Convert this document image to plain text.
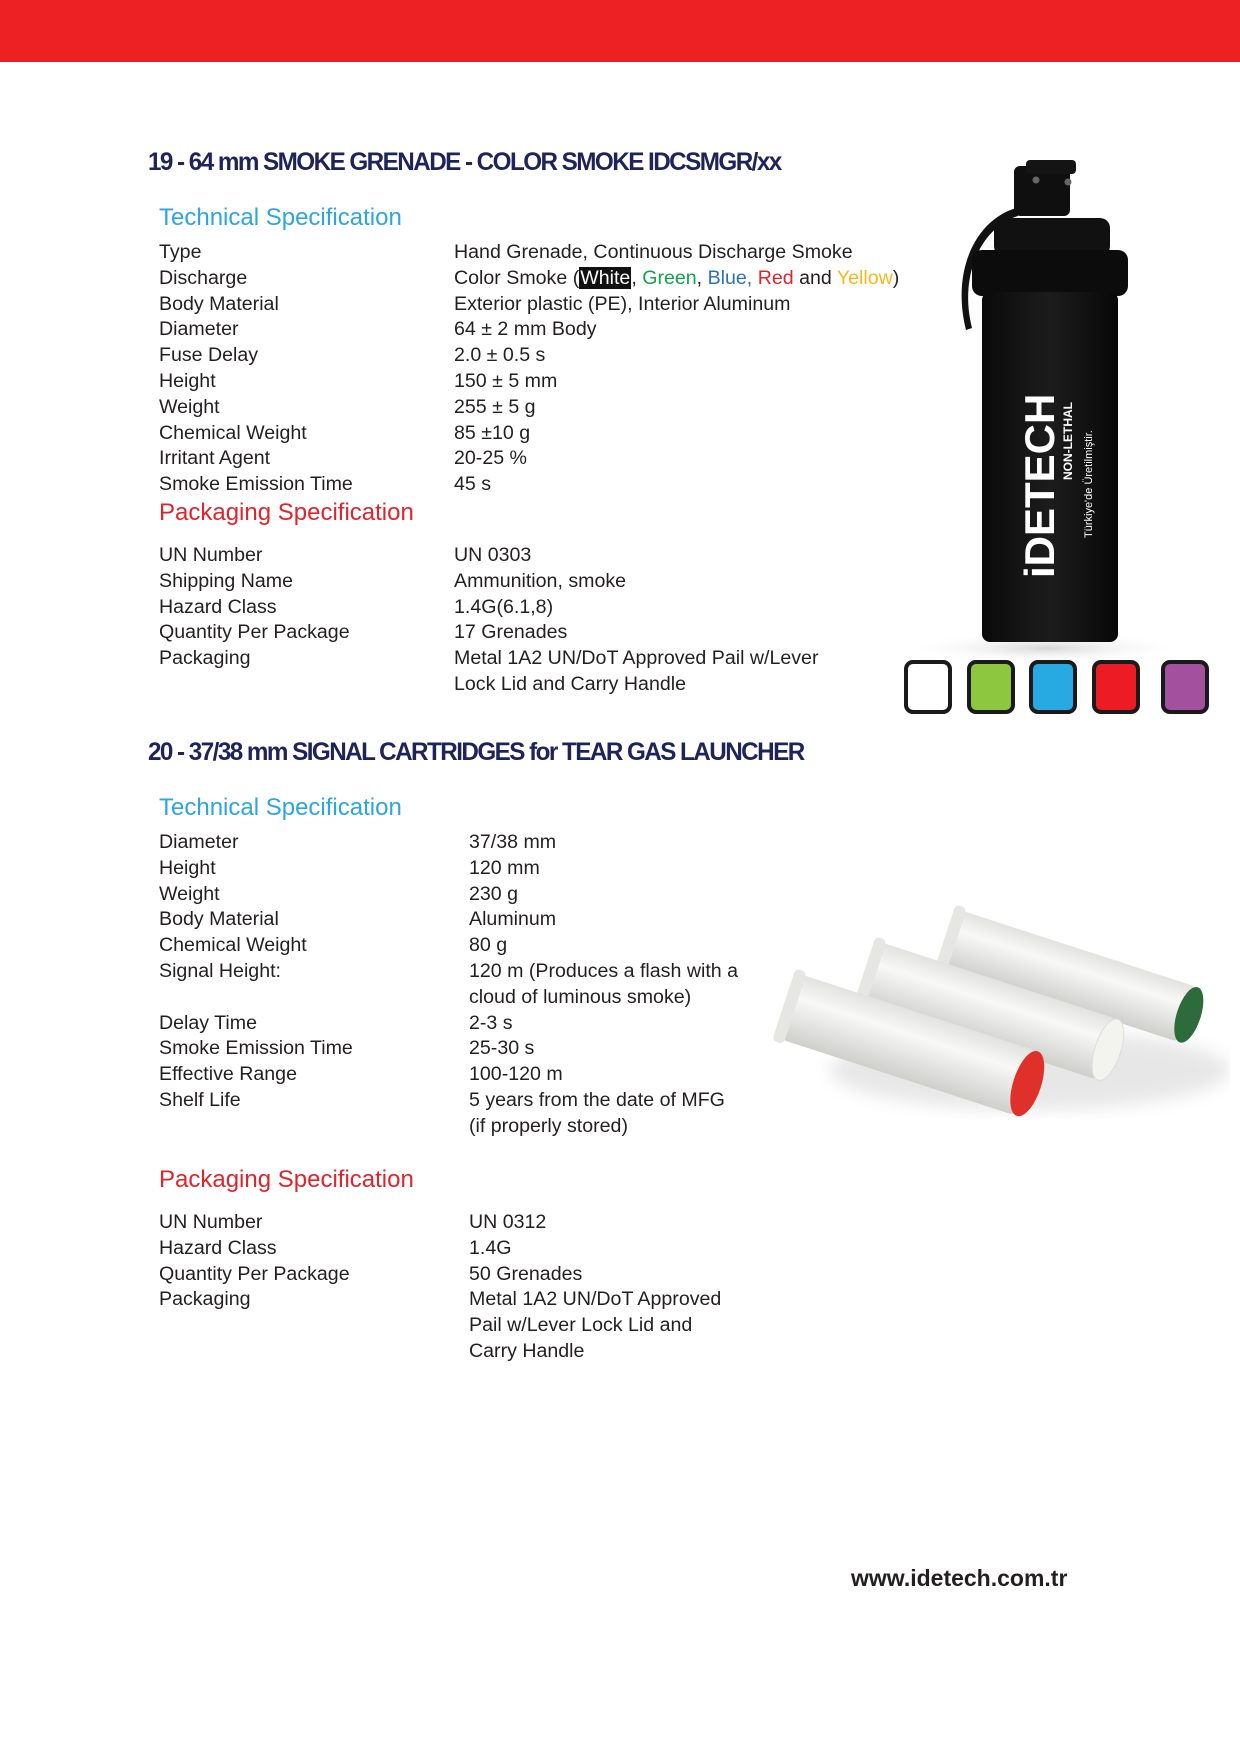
19 - 64 mm SMOKE GRENADE - COLOR SMOKE IDCSMGR/xx
Technical Specification
Type	Hand Grenade, Continuous Discharge Smoke
Discharge	Color Smoke (White, Green, Blue, Red and Yellow)
Body Material	Exterior plastic (PE), Interior Aluminum
Diameter	64 ± 2 mm Body
Fuse Delay	2.0 ± 0.5 s
Height	150 ± 5 mm
Weight	255 ± 5 g
Chemical Weight	85 ±10 g
Irritant Agent	20-25 %
Smoke Emission Time	45 s
Packaging Specification
UN Number	UN 0303
Shipping Name	Ammunition, smoke
Hazard Class	1.4G(6.1,8)
Quantity Per Package	17 Grenades
Packaging	Metal 1A2 UN/DoT Approved Pail w/Lever

Lock Lid and Carry Handle
iDETECH
NON-LETHAL Türkiye'de Üretilmiştir.
20 - 37/38 mm SIGNAL CARTRIDGES for TEAR GAS LAUNCHER
Technical Specification
Diameter	37/38 mm
Height	120 mm
Weight	230 g
Body Material	Aluminum
Chemical Weight	80 g
Signal Height:	120 m (Produces a flash with a

cloud of luminous smoke)
Delay Time	2-3 s
Smoke Emission Time	25-30 s
Effective Range	100-120 m
Shelf Life	5 years from the date of MFG

(if properly stored)
Packaging Specification
UN Number	UN 0312
Hazard Class	1.4G
Quantity Per Package	50 Grenades
Packaging	Metal 1A2 UN/DoT Approved

Pail w/Lever Lock Lid and

Carry Handle
www.idetech.com.tr
